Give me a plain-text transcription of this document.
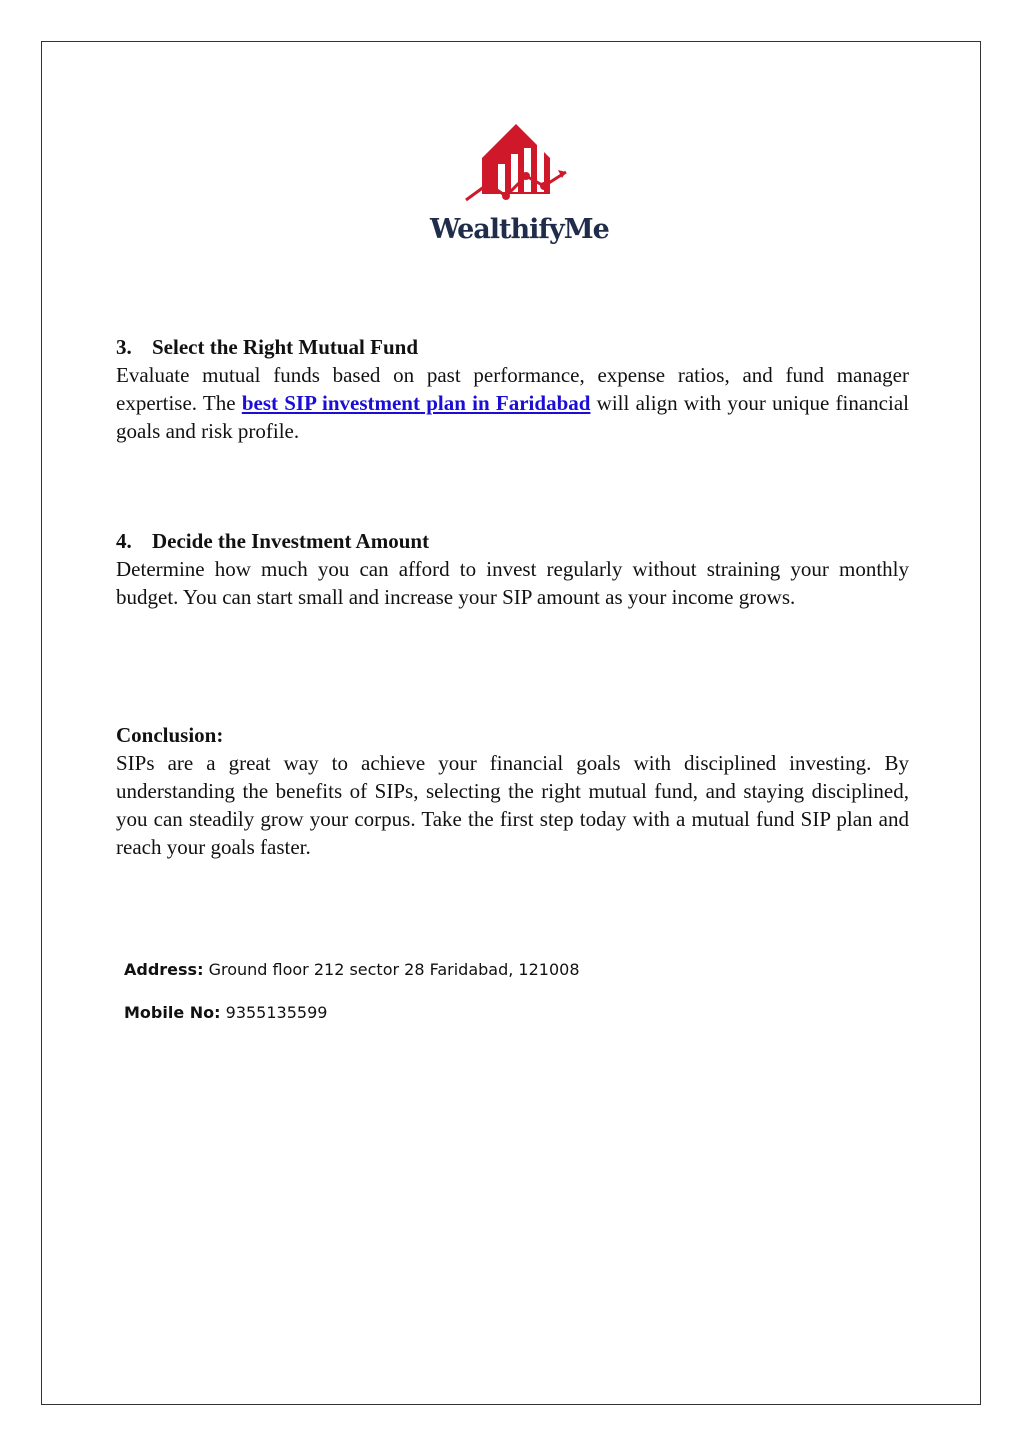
WealthifyMe

3. Select the Right Mutual Fund

Evaluate mutual funds based on past performance, expense ratios, and fund manager expertise. The best SIP investment plan in Faridabad will align with your unique financial goals and risk profile.

4. Decide the Investment Amount

Determine how much you can afford to invest regularly without straining your monthly budget. You can start small and increase your SIP amount as your income grows.

Conclusion:

SIPs are a great way to achieve your financial goals with disciplined investing. By understanding the benefits of SIPs, selecting the right mutual fund, and staying disciplined, you can steadily grow your corpus. Take the first step today with a mutual fund SIP plan and reach your goals faster.

Address: Ground floor 212 sector 28 Faridabad, 121008
Mobile No: 9355135599
